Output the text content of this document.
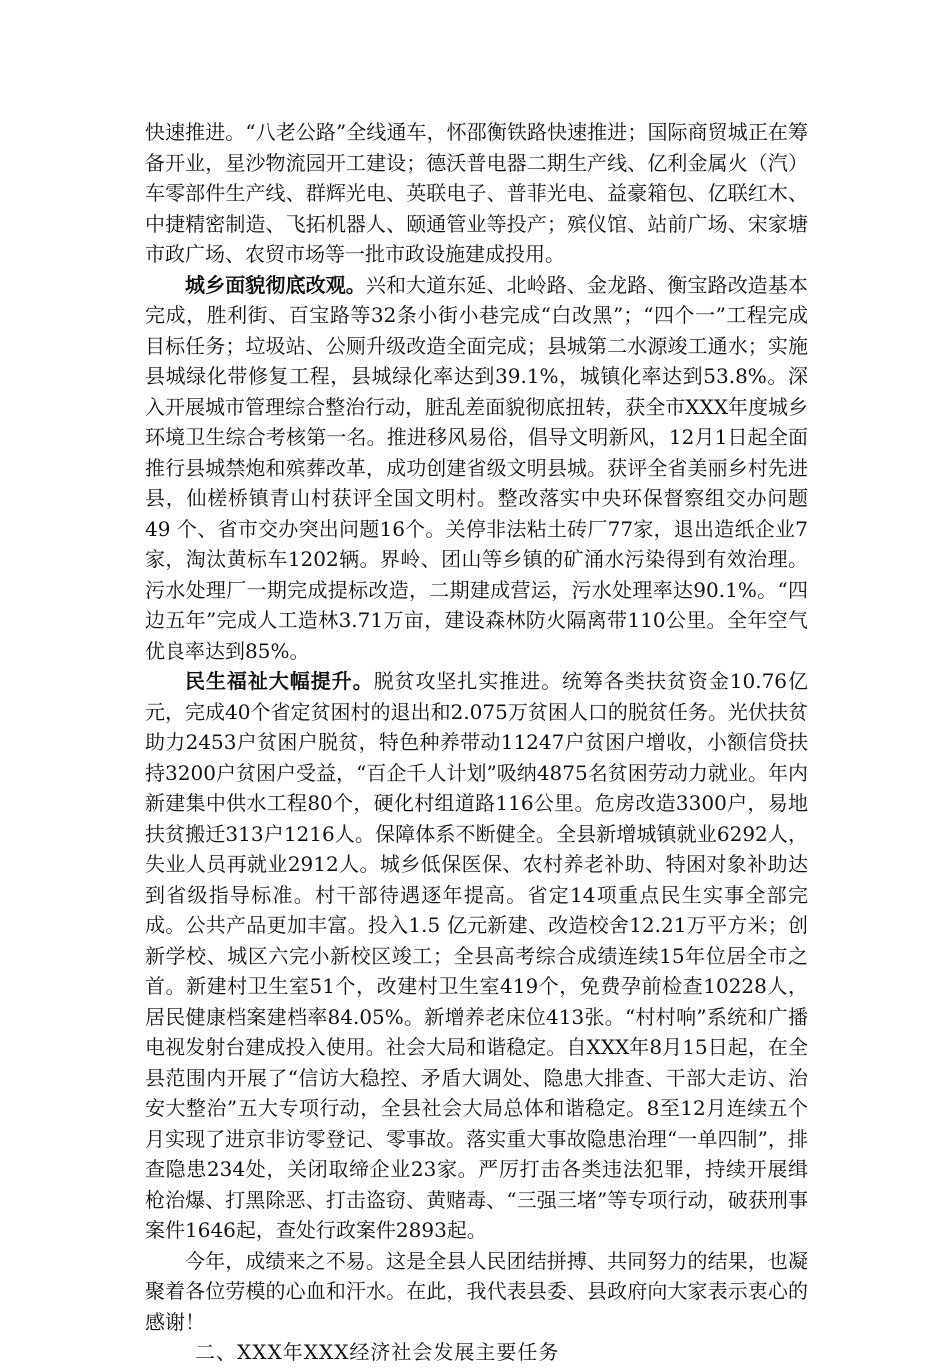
快速推进。“八老公路”全线通车，怀邵衡铁路快速推进；国际商贸城正在筹备开业，星沙物流园开工建设；德沃普电器二期生产线、亿利金属火（汽）车零部件生产线、群辉光电、英联电子、普菲光电、益豪箱包、亿联红木、中捷精密制造、飞拓机器人、颐通管业等投产；殡仪馆、站前广场、宋家塘市政广场、农贸市场等一批市政设施建成投用。

城乡面貌彻底改观。兴和大道东延、北岭路、金龙路、衡宝路改造基本完成，胜利街、百宝路等32条小街小巷完成“白改黑”；“四个一”工程完成目标任务；垃圾站、公厕升级改造全面完成；县城第二水源竣工通水；实施县城绿化带修复工程，县城绿化率达到39.1%，城镇化率达到53.8%。深入开展城市管理综合整治行动，脏乱差面貌彻底扭转，获全市XXX年度城乡环境卫生综合考核第一名。推进移风易俗，倡导文明新风，12月1日起全面推行县城禁炮和殡葬改革，成功创建省级文明县城。获评全省美丽乡村先进县，仙槎桥镇青山村获评全国文明村。整改落实中央环保督察组交办问题49 个、省市交办突出问题16个。关停非法粘土砖厂77家，退出造纸企业7家，淘汰黄标车1202辆。界岭、团山等乡镇的矿涌水污染得到有效治理。污水处理厂一期完成提标改造，二期建成营运，污水处理率达90.1%。“四边五年”完成人工造林3.71万亩，建设森林防火隔离带110公里。全年空气优良率达到85%。

民生福祉大幅提升。脱贫攻坚扎实推进。统筹各类扶贫资金10.76亿元，完成40个省定贫困村的退出和2.075万贫困人口的脱贫任务。光伏扶贫助力2453户贫困户脱贫，特色种养带动11247户贫困户增收，小额信贷扶持3200户贫困户受益，“百企千人计划”吸纳4875名贫困劳动力就业。年内新建集中供水工程80个，硬化村组道路116公里。危房改造3300户，易地扶贫搬迁313户1216人。保障体系不断健全。全县新增城镇就业6292人，失业人员再就业2912人。城乡低保医保、农村养老补助、特困对象补助达到省级指导标准。村干部待遇逐年提高。省定14项重点民生实事全部完成。公共产品更加丰富。投入1.5 亿元新建、改造校舍12.21万平方米；创新学校、城区六完小新校区竣工；全县高考综合成绩连续15年位居全市之首。新建村卫生室51个，改建村卫生室419个，免费孕前检查10228人，居民健康档案建档率84.05%。新增养老床位413张。“村村响”系统和广播电视发射台建成投入使用。社会大局和谐稳定。自XXX年8月15日起，在全县范围内开展了“信访大稳控、矛盾大调处、隐患大排查、干部大走访、治安大整治”五大专项行动，全县社会大局总体和谐稳定。8至12月连续五个月实现了进京非访零登记、零事故。落实重大事故隐患治理“一单四制”，排查隐患234处，关闭取缔企业23家。严厉打击各类违法犯罪，持续开展缉枪治爆、打黑除恶、打击盗窃、黄赌毒、“三强三堵”等专项行动，破获刑事案件1646起，查处行政案件2893起。

今年，成绩来之不易。这是全县人民团结拼搏、共同努力的结果，也凝聚着各位劳模的心血和汗水。在此，我代表县委、县政府向大家表示衷心的感谢！

二、XXX年XXX经济社会发展主要任务
